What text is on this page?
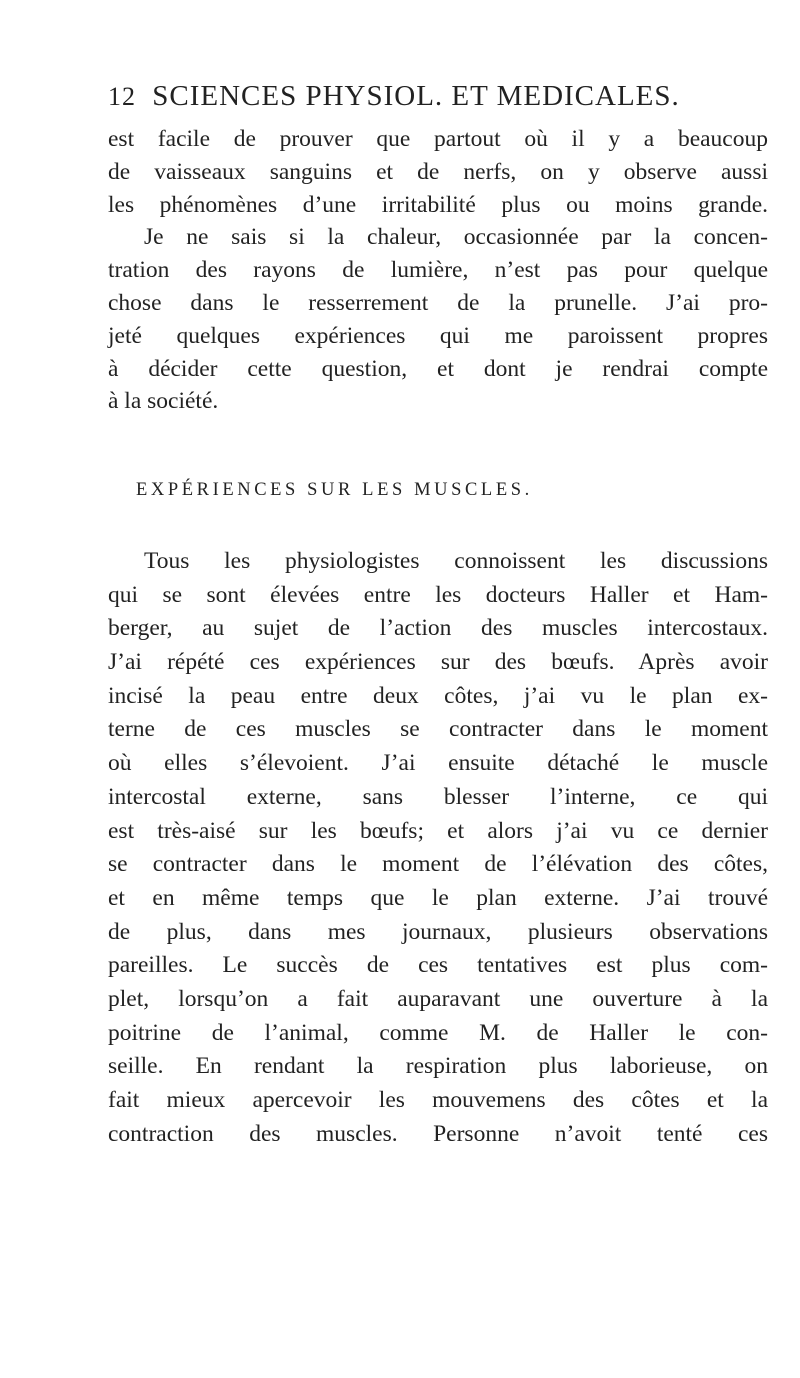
12 SCIENCES PHYSIOL. ET MEDICALES.
est facile de prouver que partout où il y a beaucoup
de vaisseaux sanguins et de nerfs, on y observe aussi
les phénomènes d’une irritabilité plus ou moins grande.
Je ne sais si la chaleur, occasionnée par la concen-
tration des rayons de lumière, n’est pas pour quelque
chose dans le resserrement de la prunelle. J’ai pro-
jeté quelques expériences qui me paroissent propres
à décider cette question, et dont je rendrai compte
à la société.
EXPÉRIENCES SUR LES MUSCLES.
Tous les physiologistes connoissent les discussions
qui se sont élevées entre les docteurs Haller et Ham-
berger, au sujet de l’action des muscles intercostaux.
J’ai répété ces expériences sur des bœufs. Après avoir
incisé la peau entre deux côtes, j’ai vu le plan ex-
terne de ces muscles se contracter dans le moment
où elles s’élevoient. J’ai ensuite détaché le muscle
intercostal externe, sans blesser l’interne, ce qui
est très-aisé sur les bœufs; et alors j’ai vu ce dernier
se contracter dans le moment de l’élévation des côtes,
et en même temps que le plan externe. J’ai trouvé
de plus, dans mes journaux, plusieurs observations
pareilles. Le succès de ces tentatives est plus com-
plet, lorsqu’on a fait auparavant une ouverture à la
poitrine de l’animal, comme M. de Haller le con-
seille. En rendant la respiration plus laborieuse, on
fait mieux apercevoir les mouvemens des côtes et la
contraction des muscles. Personne n’avoit tenté ces
